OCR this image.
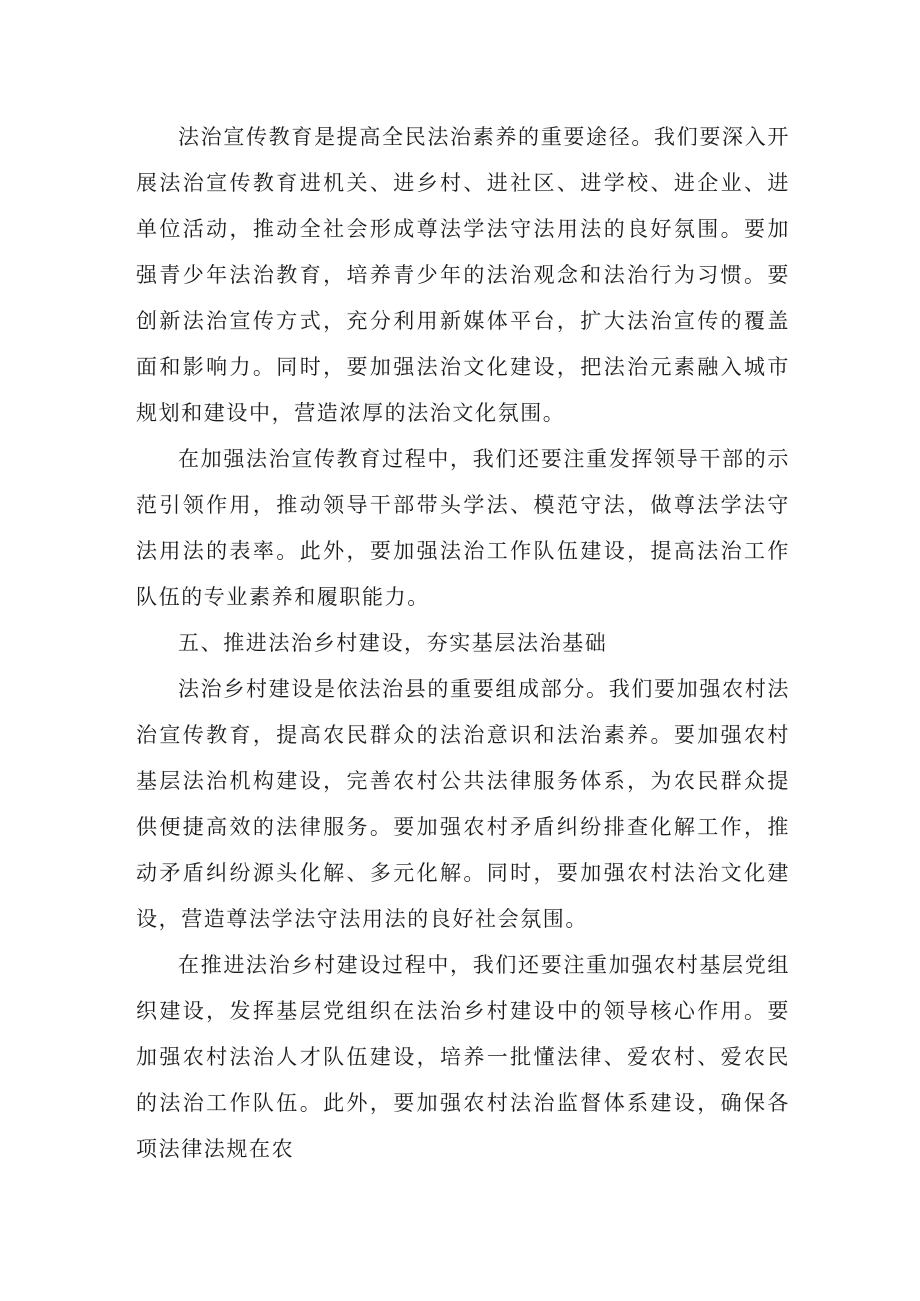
法治宣传教育是提高全民法治素养的重要途径。我们要深入开展法治宣传教育进机关、进乡村、进社区、进学校、进企业、进单位活动，推动全社会形成尊法学法守法用法的良好氛围。要加强青少年法治教育，培养青少年的法治观念和法治行为习惯。要创新法治宣传方式，充分利用新媒体平台，扩大法治宣传的覆盖面和影响力。同时，要加强法治文化建设，把法治元素融入城市规划和建设中，营造浓厚的法治文化氛围。

在加强法治宣传教育过程中，我们还要注重发挥领导干部的示范引领作用，推动领导干部带头学法、模范守法，做尊法学法守法用法的表率。此外，要加强法治工作队伍建设，提高法治工作队伍的专业素养和履职能力。

五、推进法治乡村建设，夯实基层法治基础

法治乡村建设是依法治县的重要组成部分。我们要加强农村法治宣传教育，提高农民群众的法治意识和法治素养。要加强农村基层法治机构建设，完善农村公共法律服务体系，为农民群众提供便捷高效的法律服务。要加强农村矛盾纠纷排查化解工作，推动矛盾纠纷源头化解、多元化解。同时，要加强农村法治文化建设，营造尊法学法守法用法的良好社会氛围。

在推进法治乡村建设过程中，我们还要注重加强农村基层党组织建设，发挥基层党组织在法治乡村建设中的领导核心作用。要加强农村法治人才队伍建设，培养一批懂法律、爱农村、爱农民的法治工作队伍。此外，要加强农村法治监督体系建设，确保各项法律法规在农
